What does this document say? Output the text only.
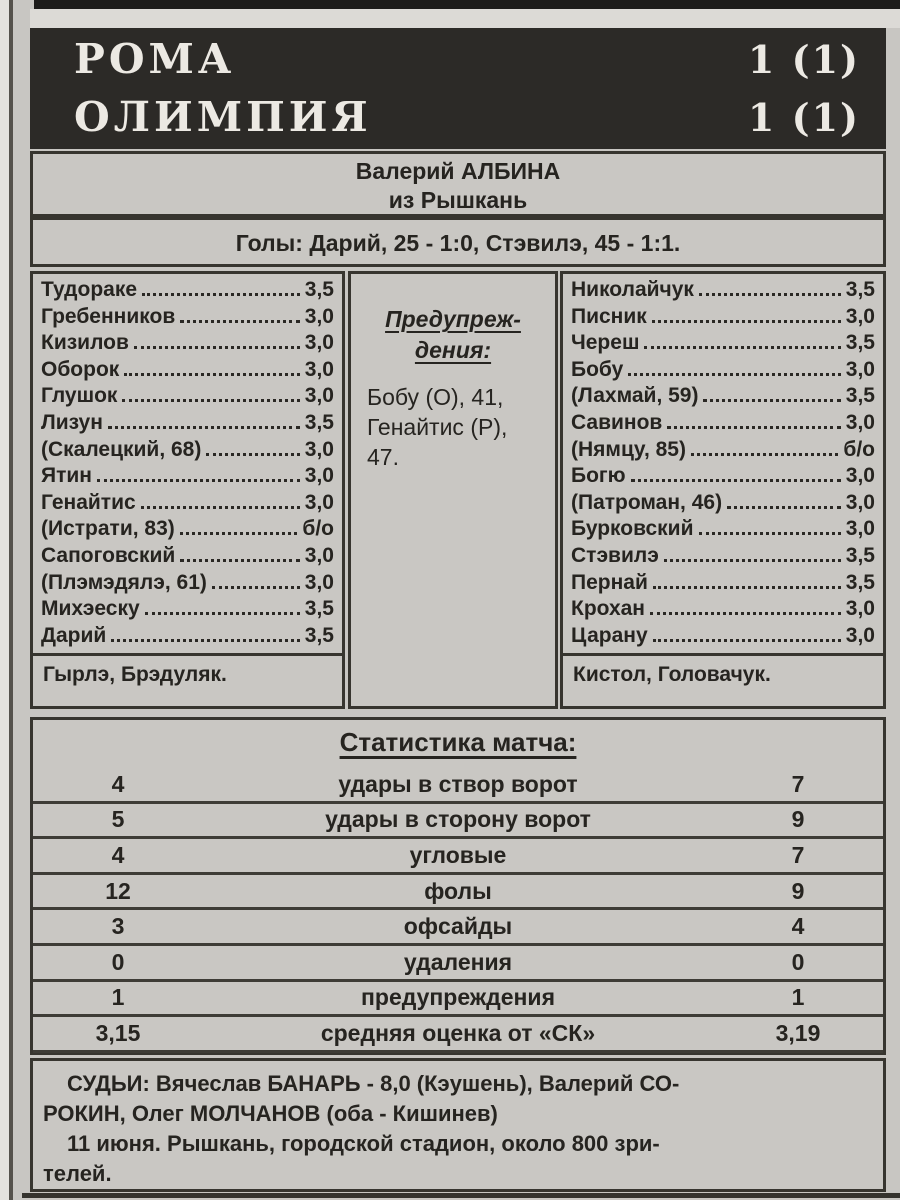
РОМА	1 (1)
ОЛИМПИЯ	1 (1)
Валерий АЛБИНА
из Рышкань
Голы: Дарий, 25 - 1:0, Стэвилэ, 45 - 1:1.
Тудораке	3,5
Гребенников	3,0
Кизилов	3,0
Оборок	3,0
Глушок	3,0
Лизун	3,5
(Скалецкий, 68)	3,0
Ятин	3,0
Генайтис	3,0
(Истрати, 83)	б/о
Сапоговский	3,0
(Плэмэдялэ, 61)	3,0
Михэеску	3,5
Дарий	3,5
Гырлэ, Брэдуляк.
Предупреж-
дения:
Бобу (О), 41,
Генайтис (Р),
47.
Николайчук	3,5
Писник	3,0
Череш	3,5
Бобу	3,0
(Лахмай, 59)	3,5
Савинов	3,0
(Нямцу, 85)	б/о
Богю	3,0
(Патроман, 46)	3,0
Бурковский	3,0
Стэвилэ	3,5
Пернай	3,5
Крохан	3,0
Царану	3,0
Кистол, Головачук.
Статистика матча:
4	удары в створ ворот	7
5	удары в сторону ворот	9
4	угловые	7
12	фолы	9
3	офсайды	4
0	удаления	0
1	предупреждения	1
3,15	средняя оценка от «СК»	3,19
СУДЬИ: Вячеслав БАНАРЬ - 8,0 (Кэушень), Валерий СО-
РОКИН, Олег МОЛЧАНОВ (оба - Кишинев)
11 июня. Рышкань, городской стадион, около 800 зри-
телей.
